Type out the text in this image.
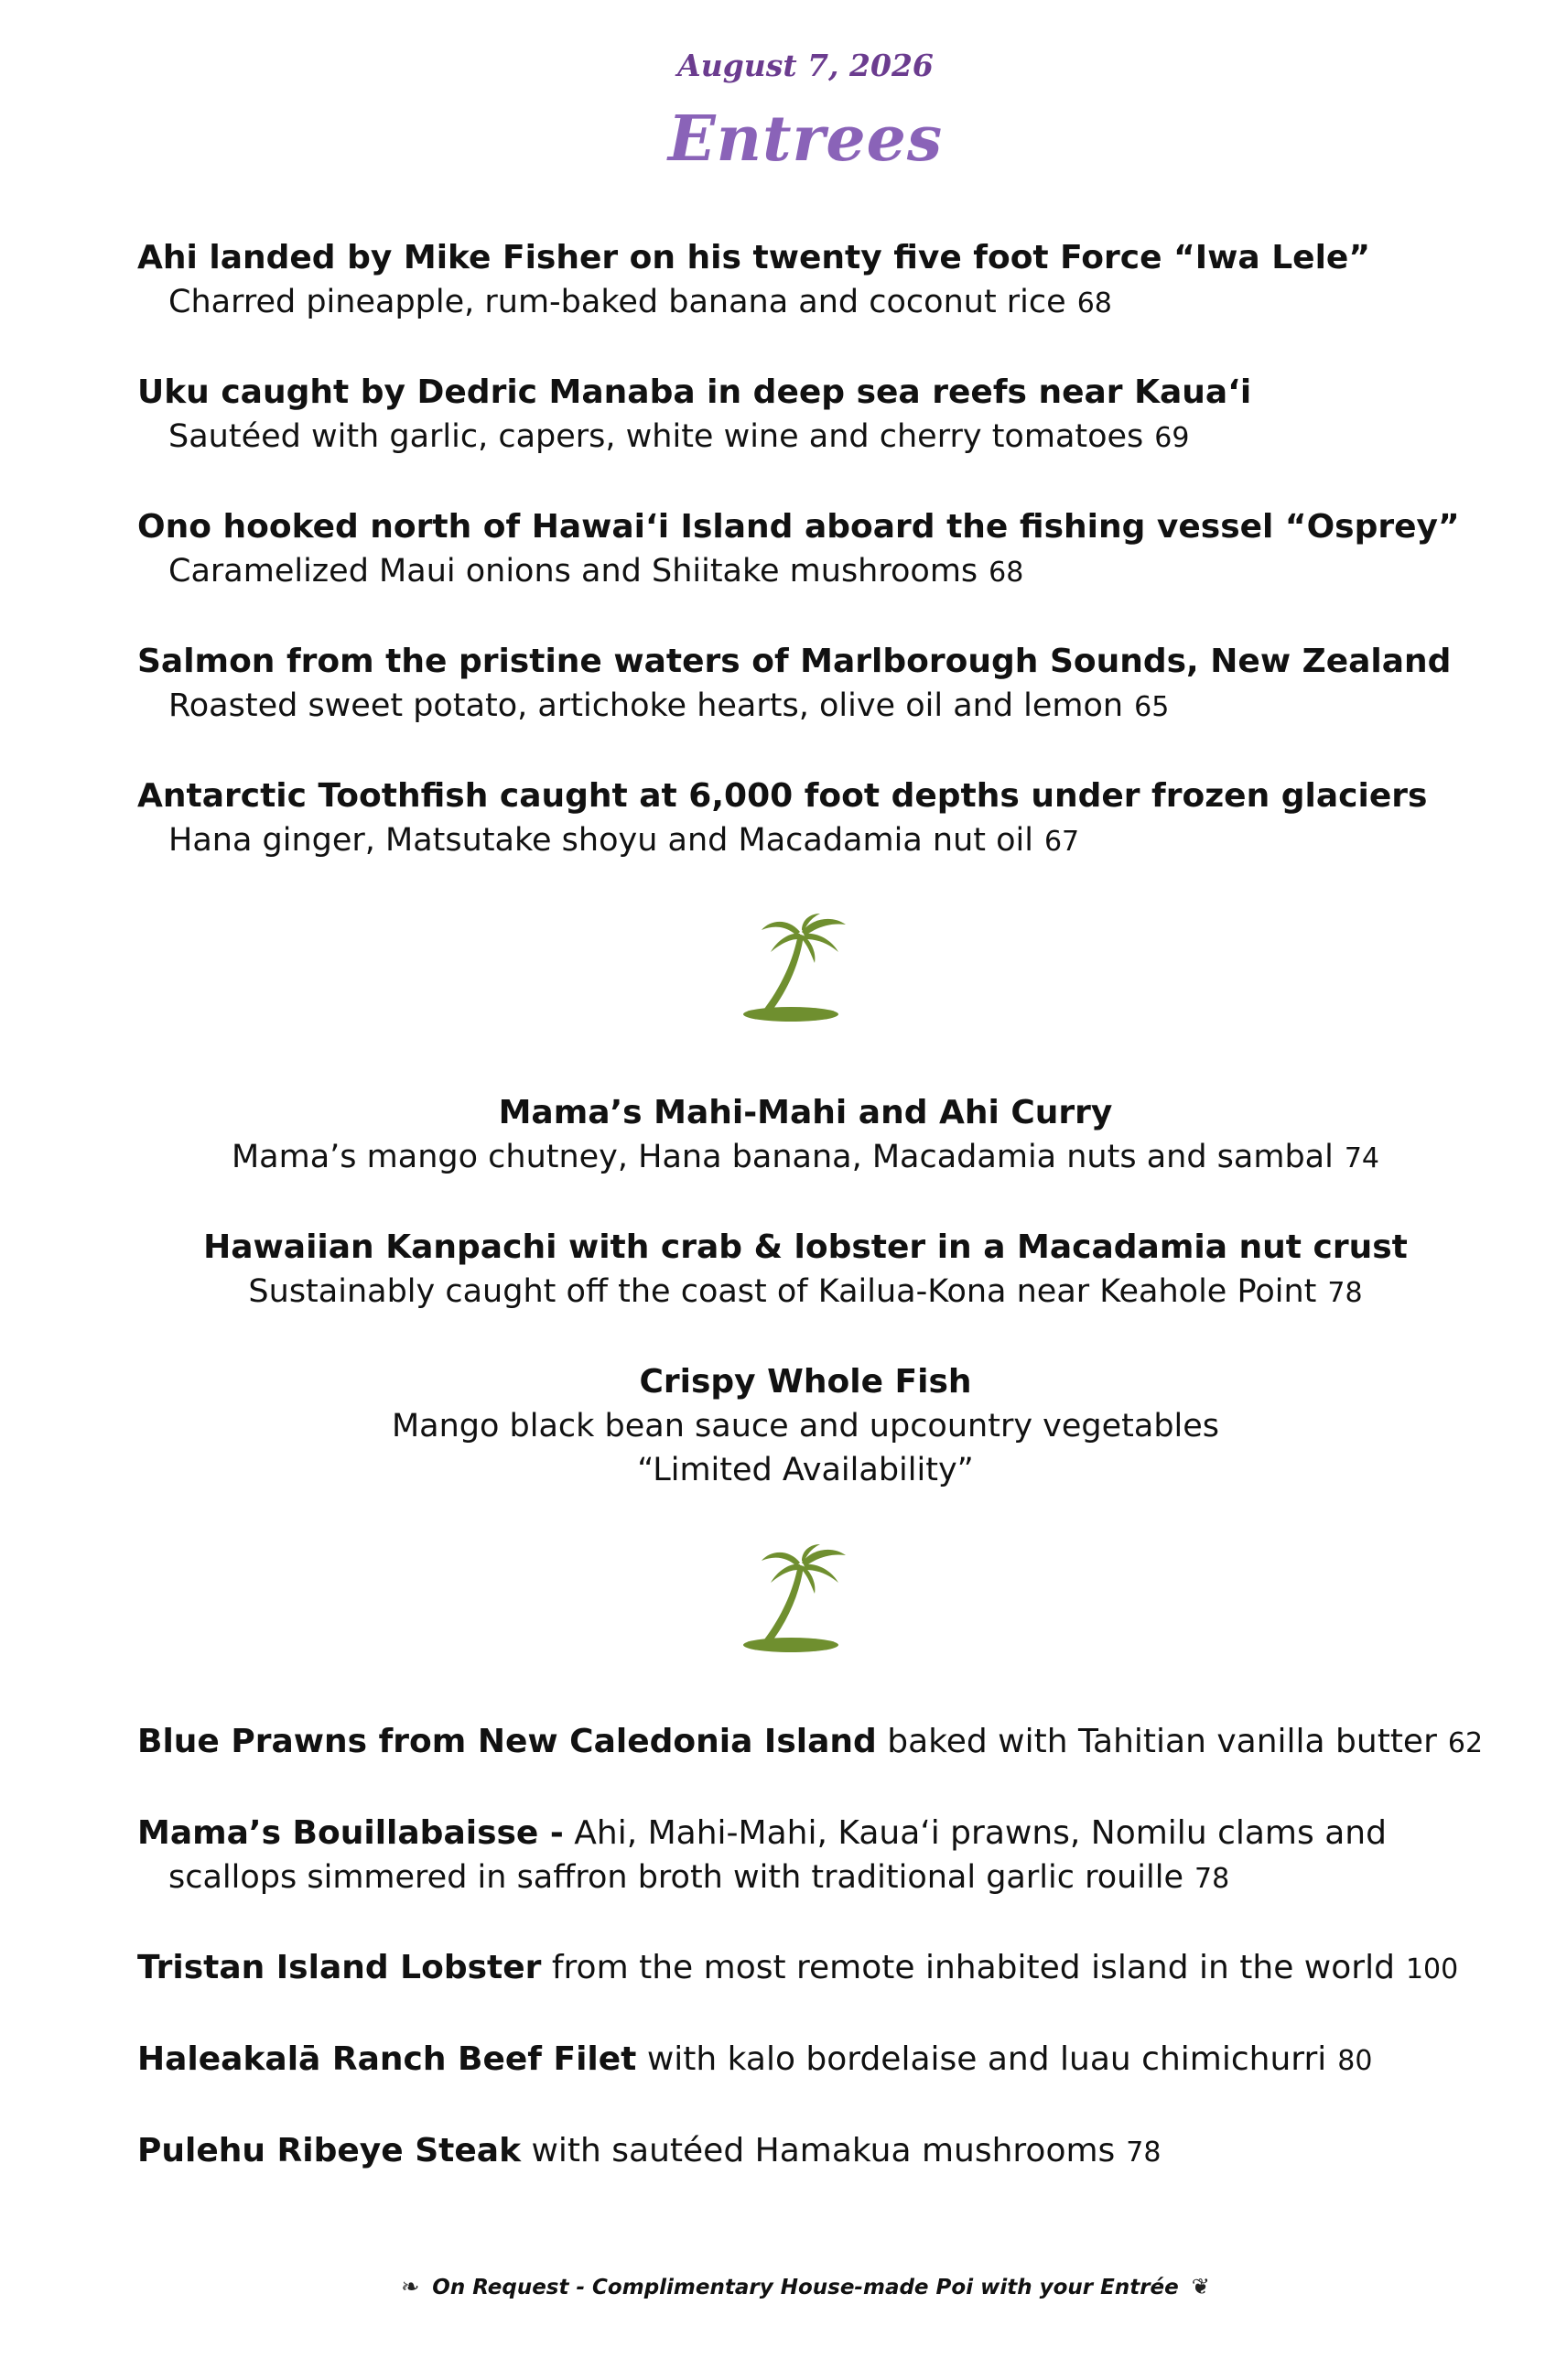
August 7, 2026
Entrees
Ahi landed by Mike Fisher on his twenty five foot Force “Iwa Lele”
Charred pineapple, rum-baked banana and coconut rice 68
Uku caught by Dedric Manaba in deep sea reefs near Kaua‘i
Sautéed with garlic, capers, white wine and cherry tomatoes 69
Ono hooked north of Hawai‘i Island aboard the fishing vessel “Osprey”
Caramelized Maui onions and Shiitake mushrooms 68
Salmon from the pristine waters of Marlborough Sounds, New Zealand
Roasted sweet potato, artichoke hearts, olive oil and lemon 65
Antarctic Toothfish caught at 6,000 foot depths under frozen glaciers
Hana ginger, Matsutake shoyu and Macadamia nut oil 67
Mama’s Mahi-Mahi and Ahi Curry
Mama’s mango chutney, Hana banana, Macadamia nuts and sambal 74
Hawaiian Kanpachi with crab & lobster in a Macadamia nut crust
Sustainably caught off the coast of Kailua-Kona near Keahole Point 78
Crispy Whole Fish
Mango black bean sauce and upcountry vegetables
“Limited Availability”
Blue Prawns from New Caledonia Island baked with Tahitian vanilla butter 62
Mama’s Bouillabaisse - Ahi, Mahi-Mahi, Kaua‘i prawns, Nomilu clams and
scallops simmered in saffron broth with traditional garlic rouille 78
Tristan Island Lobster from the most remote inhabited island in the world 100
Haleakalā Ranch Beef Filet with kalo bordelaise and luau chimichurri 80
Pulehu Ribeye Steak with sautéed Hamakua mushrooms 78
❧ On Request - Complimentary House-made Poi with your Entrée ❦
